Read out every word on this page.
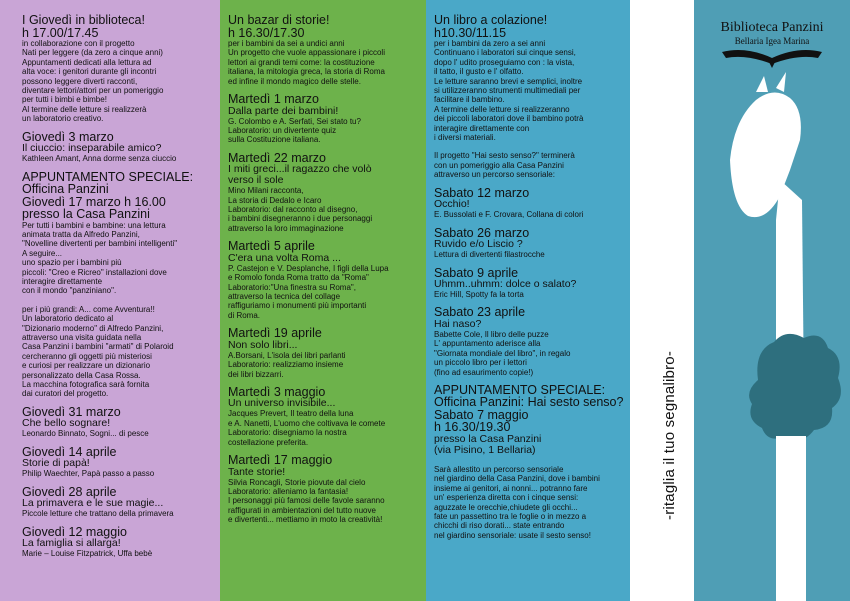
I Giovedì in biblioteca!

h 17.00/17.45

in collaborazione con il progetto

Nati per leggere (da zero a cinque anni)

Appuntamenti dedicati alla lettura ad

alta voce: i genitori durante gli incontri

possono leggere diverti racconti,

diventare lettori/attori per un pomeriggio

per tutti i bimbi e bimbe!

Al termine delle letture si realizzerà

un laboratorio creativo.

Giovedì 3 marzo

Il ciuccio: inseparabile amico?

Kathleen Amant, Anna dorme senza ciuccio

APPUNTAMENTO SPECIALE:

Officina Panzini

Giovedì 17 marzo h 16.00

presso la Casa Panzini

Per tutti i bambini e bambine: una lettura

animata tratta da Alfredo Panzini,

"Novelline divertenti per bambini intelligenti"

A seguire...

uno spazio per i bambini più

piccoli: "Creo e Ricreo" installazioni dove

interagire direttamente

con il mondo "panziniano".

per i più grandi: A... come Avventura!!

Un laboratorio dedicato al

"Dizionario moderno" di Alfredo Panzini,

attraverso una visita guidata nella

Casa Panzini i bambini "armati" di Polaroid

cercheranno gli oggetti più misteriosi

e curiosi per realizzare un dizionario

personalizzato della Casa Rossa.

La macchina fotografica sarà fornita

dai curatori del progetto.

Giovedì 31 marzo

Che bello sognare!

Leonardo Binnato, Sogni... di pesce

Giovedì 14 aprile

Storie di papà!

Philip Waechter, Papà passo a passo

Giovedì 28 aprile

La primavera e le sue magie...

Piccole letture che trattano della primavera

Giovedì 12 maggio

La famiglia si allarga!

Marie – Louise Fitzpatrick, Uffa bebè

Un bazar di storie!

h 16.30/17.30

per i bambini da sei a undici anni

Un progetto che vuole appassionare i piccoli

lettori ai grandi temi come: la costituzione

italiana, la mitologia greca, la storia di Roma

ed infine il mondo magico delle stelle.

Martedì 1 marzo

Dalla parte dei bambini!

G. Colombo e A. Serfati, Sei stato tu?

Laboratorio: un divertente quiz

sulla Costituzione italiana.

Martedì 22 marzo

I miti greci...il ragazzo che volò

verso il sole

Mino Milani racconta,

La storia di Dedalo e Icaro

Laboratorio: dal racconto al disegno,

i bambini disegneranno i due personaggi

attraverso la loro immaginazione

Martedì 5 aprile

C'era una volta Roma ...

P. Castejon e V. Desplanche, I figli della Lupa

e Romolo fonda Roma tratto da "Roma"

Laboratorio:"Una finestra su Roma",

attraverso la tecnica del collage

raffiguriamo i monumenti più importanti

di Roma.

Martedì 19 aprile

Non solo libri...

A.Borsani, L'isola dei libri parlanti

Laboratorio: realizziamo insieme

dei libri bizzarri.

Martedì 3 maggio

Un universo invisibile...

Jacques Prevert, Il teatro della luna

e A. Nanetti, L'uomo che coltivava le comete

Laboratorio: disegniamo la nostra

costellazione preferita.

Martedì 17 maggio

Tante storie!

Silvia Roncagli, Storie piovute dal cielo

Laboratorio: alleniamo la fantasia!

I personaggi più famosi delle favole saranno

raffigurati in ambientazioni del tutto nuove

e divertenti... mettiamo in moto la creatività!

Un libro a colazione!

h10.30/11.15

per i bambini da zero a sei anni

Continuano i laboratori sui cinque sensi,

dopo l' udito proseguiamo con : la vista,

il tatto, il gusto e l' olfatto.

Le letture saranno brevi e semplici, inoltre

si utilizzeranno strumenti multimediali per

facilitare il bambino.

A termine delle letture si realizzeranno

dei piccoli laboratori dove il bambino potrà

interagire direttamente con

i diversi materiali.

Il progetto "Hai sesto senso?" terminerà

con un pomeriggio alla Casa Panzini

attraverso un percorso sensoriale:

Sabato 12 marzo

Occhio!

E. Bussolati e F. Crovara, Collana di colori

Sabato 26 marzo

Ruvido e/o Liscio ?

Lettura di divertenti filastrocche

Sabato 9 aprile

Uhmm..uhmm: dolce o salato?

Eric Hill, Spotty fa la torta

Sabato 23 aprile

Hai naso?

Babette Cole, Il libro delle puzze

L' appuntamento aderisce alla

"Giornata mondiale del libro", in regalo

un piccolo libro per i lettori

(fino ad esaurimento copie!)

APPUNTAMENTO SPECIALE:

Officina Panzini: Hai sesto senso?

Sabato 7 maggio

h 16.30/19.30

presso la Casa Panzini

(via Pisino, 1 Bellaria)

Sarà allestito un percorso sensoriale

nel giardino della Casa Panzini, dove i bambini

insieme ai genitori, ai nonni... potranno fare

un' esperienza diretta con i cinque sensi:

aguzzate le orecchie,chiudete gli occhi...

fate un passettino tra le foglie o in mezzo a

chicchi di riso dorati... state entrando

nel giardino sensoriale: usate il sesto senso!

-ritaglia il tuo segnalibro-
Biblioteca Panzini
Bellaria Igea Marina
